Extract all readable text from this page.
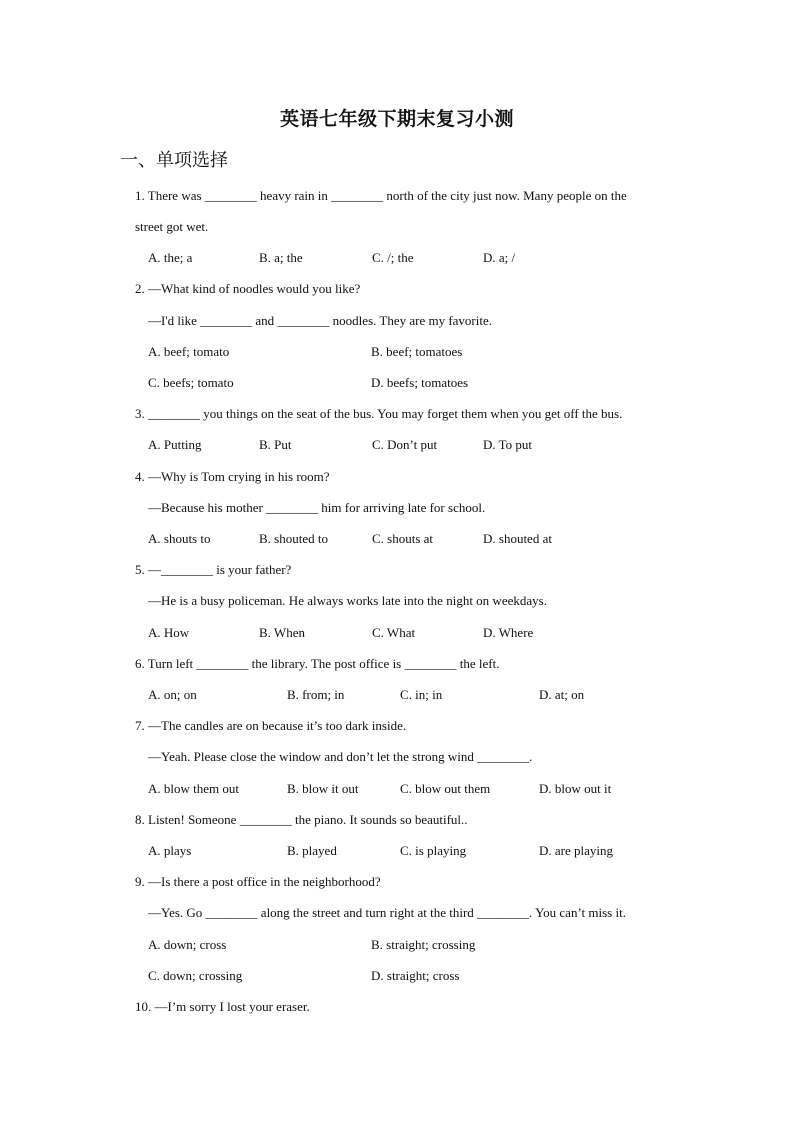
英语七年级下期末复习小测
一、单项选择
1. There was ________ heavy rain in ________ north of the city just now. Many people on the
street got wet.
A. the; a	B. a; the	C. /; the	D. a; /
2. —What kind of noodles would you like?
—I'd like ________ and ________ noodles. They are my favorite.
A. beef; tomato	B. beef; tomatoes
C. beefs; tomato	D. beefs; tomatoes
3. ________ you things on the seat of the bus. You may forget them when you get off the bus.
A. Putting	B. Put	C. Don’t put	D. To put
4. —Why is Tom crying in his room?
—Because his mother ________ him for arriving late for school.
A. shouts to	B. shouted to	C. shouts at	D. shouted at
5. —________ is your father?
—He is a busy policeman. He always works late into the night on weekdays.
A. How	B. When	C. What	D. Where
6. Turn left ________ the library. The post office is ________ the left.
A. on; on	B. from; in	C. in; in	D. at; on
7. —The candles are on because it’s too dark inside.
—Yeah. Please close the window and don’t let the strong wind ________.
A. blow them out	B. blow it out	C. blow out them	D. blow out it
8. Listen! Someone ________ the piano. It sounds so beautiful..
A. plays	B. played	C. is playing	D. are playing
9. —Is there a post office in the neighborhood?
—Yes. Go ________ along the street and turn right at the third ________. You can’t miss it.
A. down; cross	B. straight; crossing
C. down; crossing	D. straight; cross
10. —I’m sorry I lost your eraser.
